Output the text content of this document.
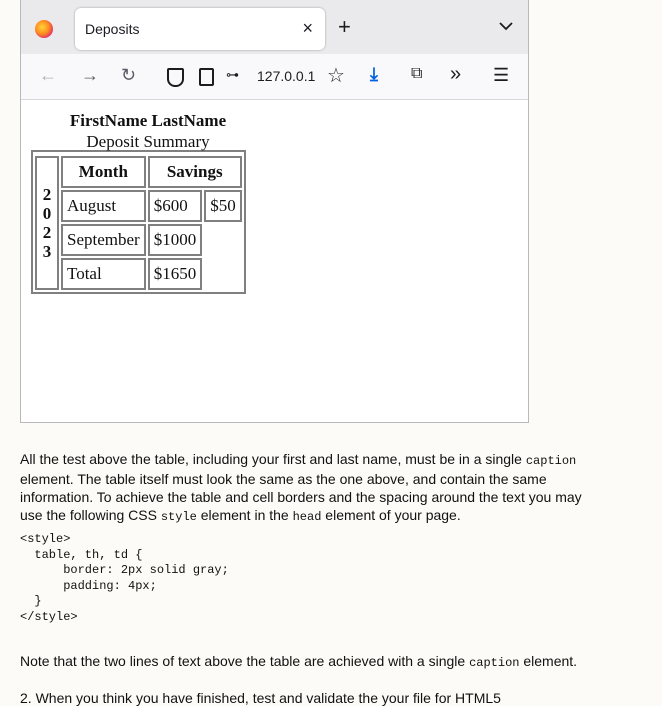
Deposits	× +
← → ↻	⊶ 127.0.0.1 ☆ ⤓ ⧉ » ☰
FirstName LastName
Deposit Summary
2
0
2
3	Month	Savings	
	August	$600	$50
	September	$1000	
	Total	$1650	
All the test above the table, including your first and last name, must be in a single caption element. The table itself must look the same as the one above, and contain the same information. To achieve the table and cell borders and the spacing around the text you may use the following CSS style element in the head element of your page.
<style>
table, th, td {
border: 2px solid gray;
padding: 4px;
}
</style>
Note that the two lines of text above the table are achieved with a single caption element.
2. When you think you have finished, test and validate the your file for HTML5
